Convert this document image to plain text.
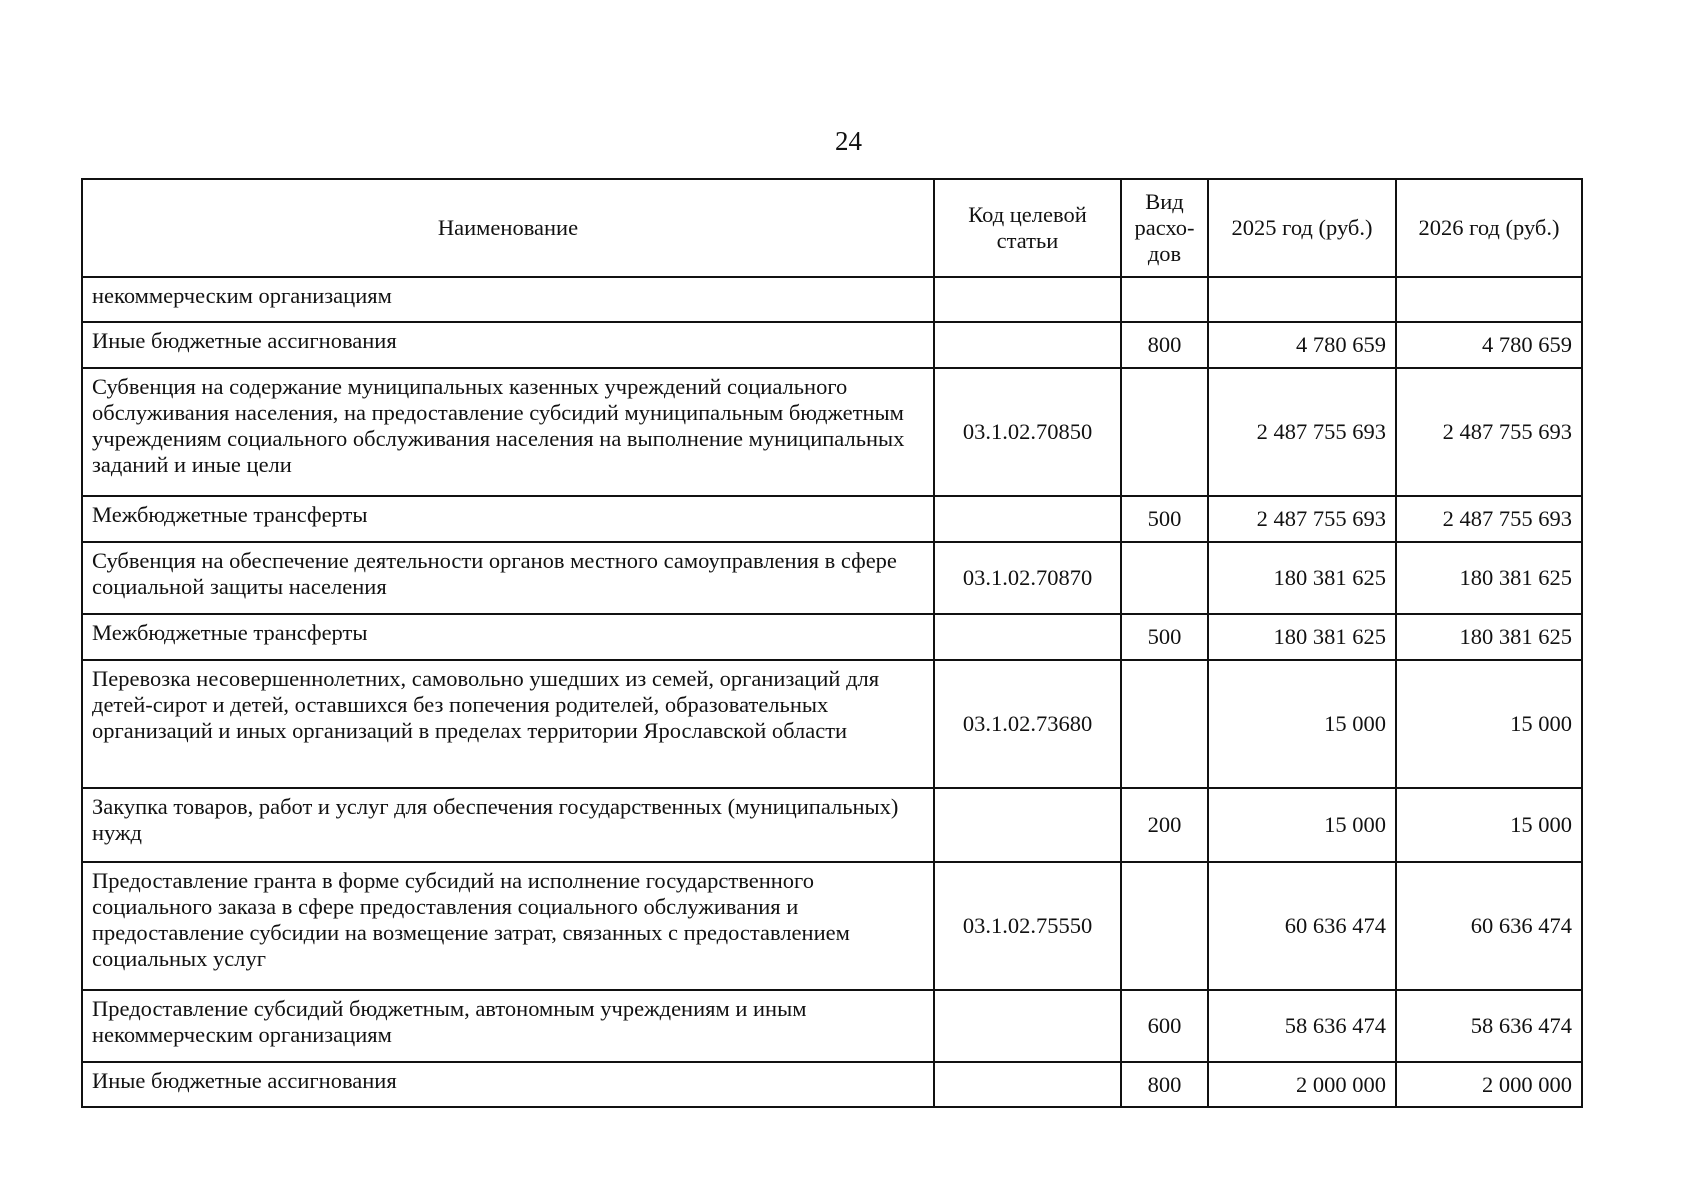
24
Наименование	Код целевой статьи	Вид расхо-дов	2025 год (руб.)	2026 год (руб.)
некоммерческим организациям				
Иные бюджетные ассигнования		800	4 780 659	4 780 659
Субвенция на содержание муниципальных казенных учреждений социального обслуживания населения, на предоставление субсидий муниципальным бюджетным учреждениям социального обслуживания населения на выполнение муниципальных заданий и иные цели	03.1.02.70850		2 487 755 693	2 487 755 693
Межбюджетные трансферты		500	2 487 755 693	2 487 755 693
Субвенция на обеспечение деятельности органов местного самоуправления в сфере социальной защиты населения	03.1.02.70870		180 381 625	180 381 625
Межбюджетные трансферты		500	180 381 625	180 381 625
Перевозка несовершеннолетних, самовольно ушедших из семей, организаций для детей-сирот и детей, оставшихся без попечения родителей, образовательных организаций и иных организаций в пределах территории Ярославской области	03.1.02.73680		15 000	15 000
Закупка товаров, работ и услуг для обеспечения государственных (муниципальных) нужд		200	15 000	15 000
Предоставление гранта в форме субсидий на исполнение государственного социального заказа в сфере предоставления социального обслуживания и предоставление субсидии на возмещение затрат, связанных с предоставлением социальных услуг	03.1.02.75550		60 636 474	60 636 474
Предоставление субсидий бюджетным, автономным учреждениям и иным некоммерческим организациям		600	58 636 474	58 636 474
Иные бюджетные ассигнования		800	2 000 000	2 000 000
